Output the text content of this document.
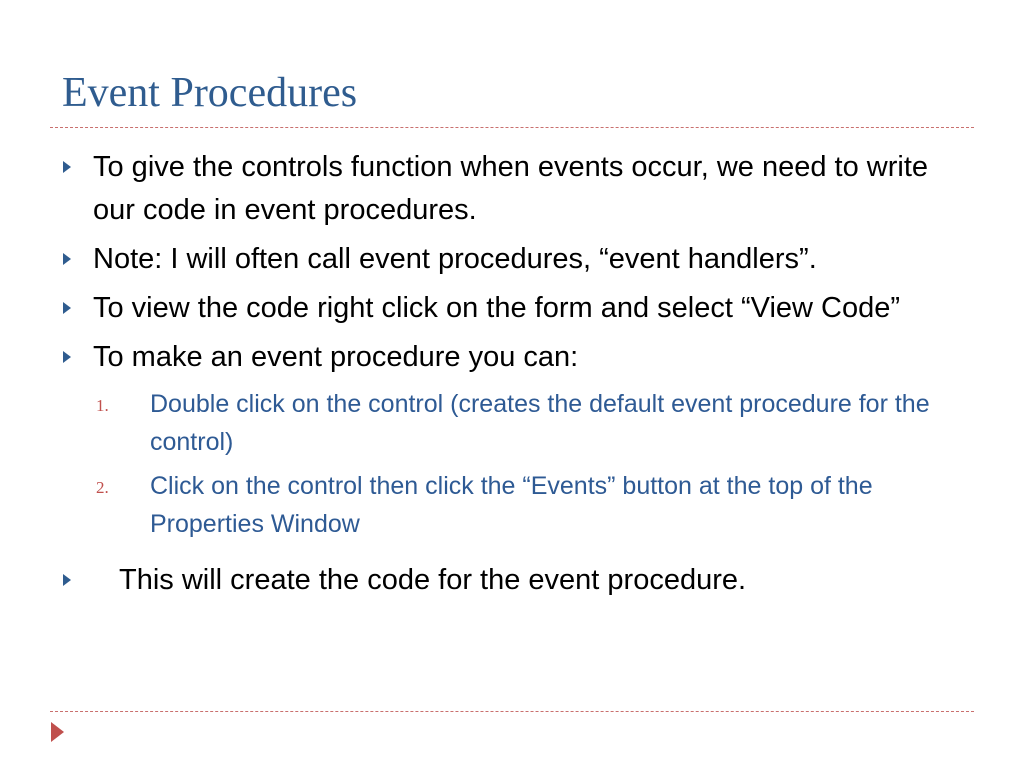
Event Procedures
To give the controls function when events occur, we need to write our code in event procedures.
Note: I will often call event procedures, “event handlers”.
To view the code right click on the form and select “View Code”
To make an event procedure you can:
1. Double click on the control (creates the default event procedure for the control)
2. Click on the control then click the “Events” button at the top of the Properties Window
This will create the code for the event procedure.
